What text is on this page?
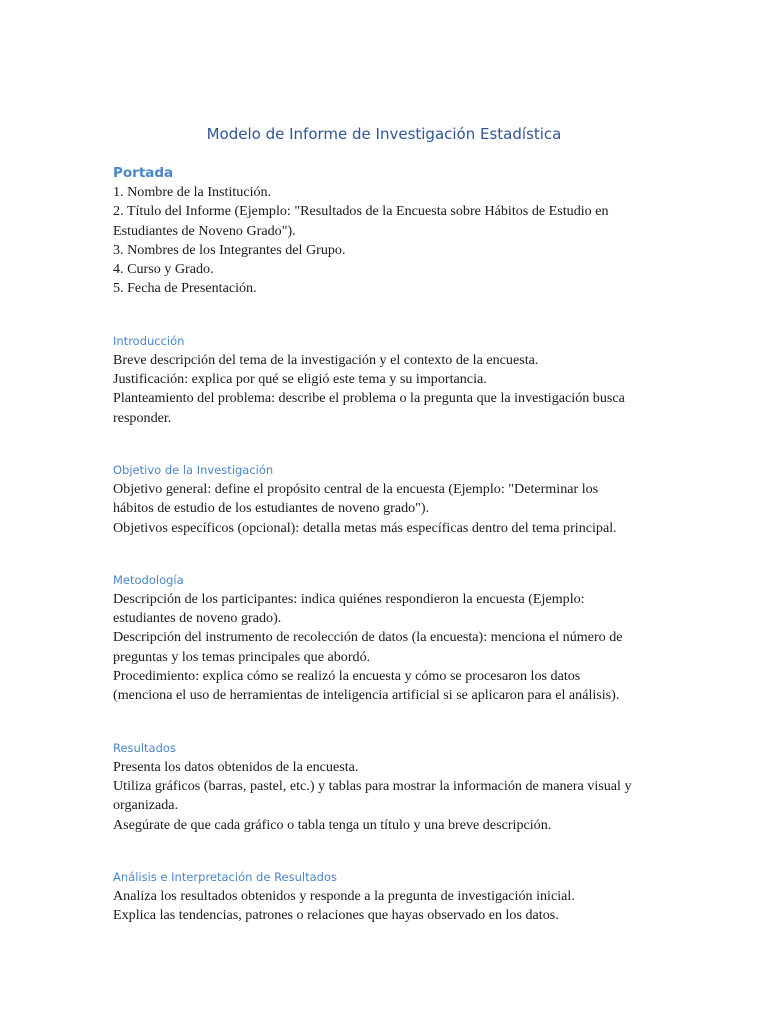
Modelo de Informe de Investigación Estadística
Portada
1. Nombre de la Institución.
2. Título del Informe (Ejemplo: "Resultados de la Encuesta sobre Hábitos de Estudio en
Estudiantes de Noveno Grado").
3. Nombres de los Integrantes del Grupo.
4. Curso y Grado.
5. Fecha de Presentación.
Introducción
Breve descripción del tema de la investigación y el contexto de la encuesta.
Justificación: explica por qué se eligió este tema y su importancia.
Planteamiento del problema: describe el problema o la pregunta que la investigación busca
responder.
Objetivo de la Investigación
Objetivo general: define el propósito central de la encuesta (Ejemplo: "Determinar los
hábitos de estudio de los estudiantes de noveno grado").
Objetivos específicos (opcional): detalla metas más específicas dentro del tema principal.
Metodología
Descripción de los participantes: indica quiénes respondieron la encuesta (Ejemplo:
estudiantes de noveno grado).
Descripción del instrumento de recolección de datos (la encuesta): menciona el número de
preguntas y los temas principales que abordó.
Procedimiento: explica cómo se realizó la encuesta y cómo se procesaron los datos
(menciona el uso de herramientas de inteligencia artificial si se aplicaron para el análisis).
Resultados
Presenta los datos obtenidos de la encuesta.
Utiliza gráficos (barras, pastel, etc.) y tablas para mostrar la información de manera visual y
organizada.
Asegúrate de que cada gráfico o tabla tenga un título y una breve descripción.
Análisis e Interpretación de Resultados
Analiza los resultados obtenidos y responde a la pregunta de investigación inicial.
Explica las tendencias, patrones o relaciones que hayas observado en los datos.
